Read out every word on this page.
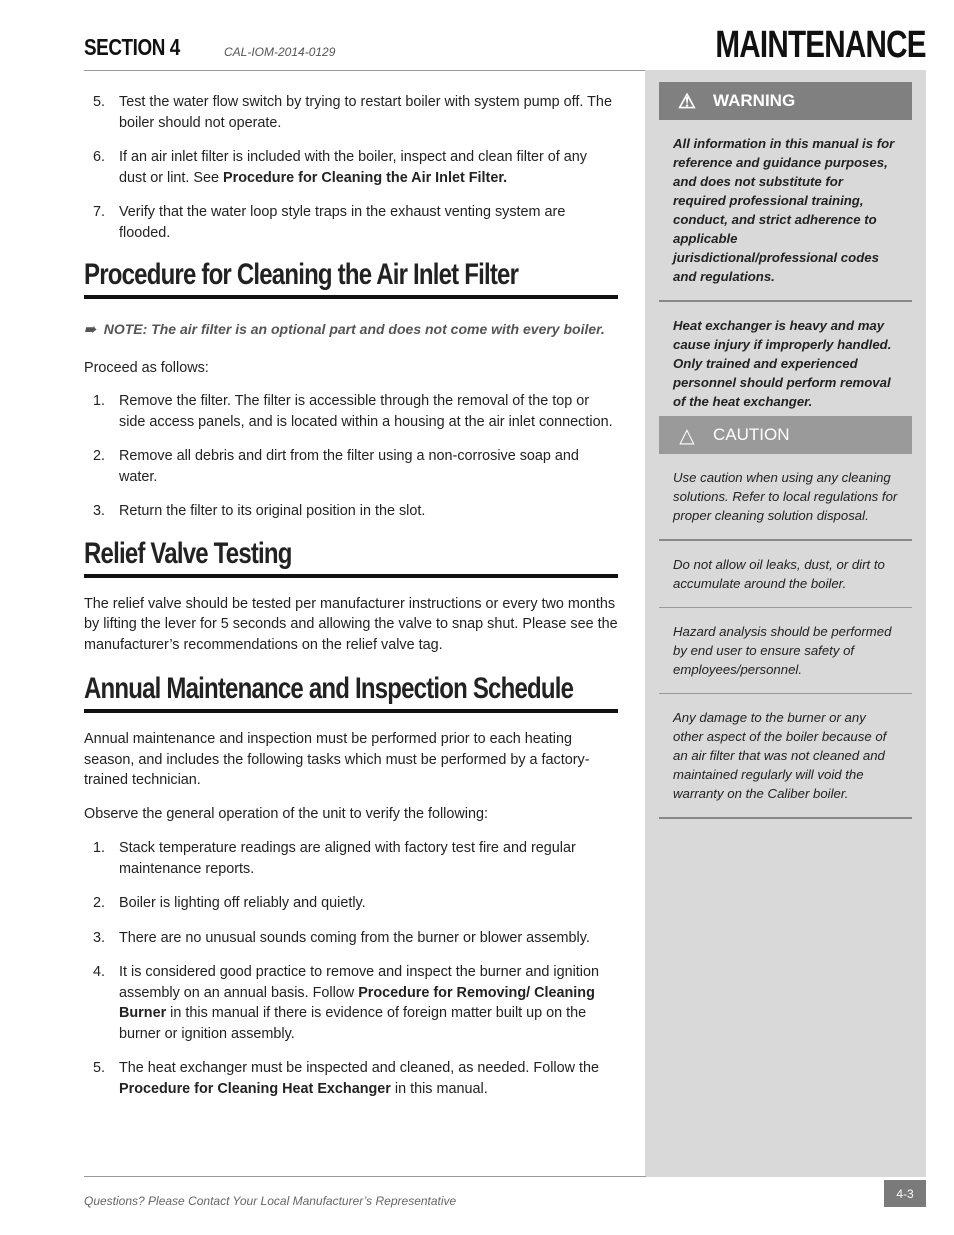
SECTION 4	CAL-IOM-2014-0129	MAINTENANCE
5. Test the water flow switch by trying to restart boiler with system pump off. The boiler should not operate.
6. If an air inlet filter is included with the boiler, inspect and clean filter of any dust or lint. See Procedure for Cleaning the Air Inlet Filter.
7. Verify that the water loop style traps in the exhaust venting system are flooded.
Procedure for Cleaning the Air Inlet Filter
➠ NOTE: The air filter is an optional part and does not come with every boiler.

Proceed as follows:

1. Remove the filter. The filter is accessible through the removal of the top or side access panels, and is located within a housing at the air inlet connection.
2. Remove all debris and dirt from the filter using a non-corrosive soap and water.
3. Return the filter to its original position in the slot.
Relief Valve Testing

The relief valve should be tested per manufacturer instructions or every two months by lifting the lever for 5 seconds and allowing the valve to snap shut. Please see the manufacturer’s recommendations on the relief valve tag.

Annual Maintenance and Inspection Schedule

Annual maintenance and inspection must be performed prior to each heating season, and includes the following tasks which must be performed by a factory-trained technician.

Observe the general operation of the unit to verify the following:

1. Stack temperature readings are aligned with factory test fire and regular maintenance reports.
2. Boiler is lighting off reliably and quietly.
3. There are no unusual sounds coming from the burner or blower assembly.
4. It is considered good practice to remove and inspect the burner and ignition assembly on an annual basis. Follow Procedure for Removing/ Cleaning Burner in this manual if there is evidence of foreign matter built up on the burner or ignition assembly.
5. The heat exchanger must be inspected and cleaned, as needed. Follow the Procedure for Cleaning Heat Exchanger in this manual.
⚠	WARNING
All information in this manual is for reference and guidance purposes, and does not substitute for required professional training, conduct, and strict adherence to applicable jurisdictional/professional codes and regulations.
Heat exchanger is heavy and may cause injury if improperly handled. Only trained and experienced personnel should perform removal of the heat exchanger.
△	CAUTION
Use caution when using any cleaning solutions. Refer to local regulations for proper cleaning solution disposal.
Do not allow oil leaks, dust, or dirt to accumulate around the boiler.
Hazard analysis should be performed by end user to ensure safety of employees/personnel.
Any damage to the burner or any other aspect of the boiler because of an air filter that was not cleaned and maintained regularly will void the warranty on the Caliber boiler.
Questions? Please Contact Your Local Manufacturer’s Representative
4-3
